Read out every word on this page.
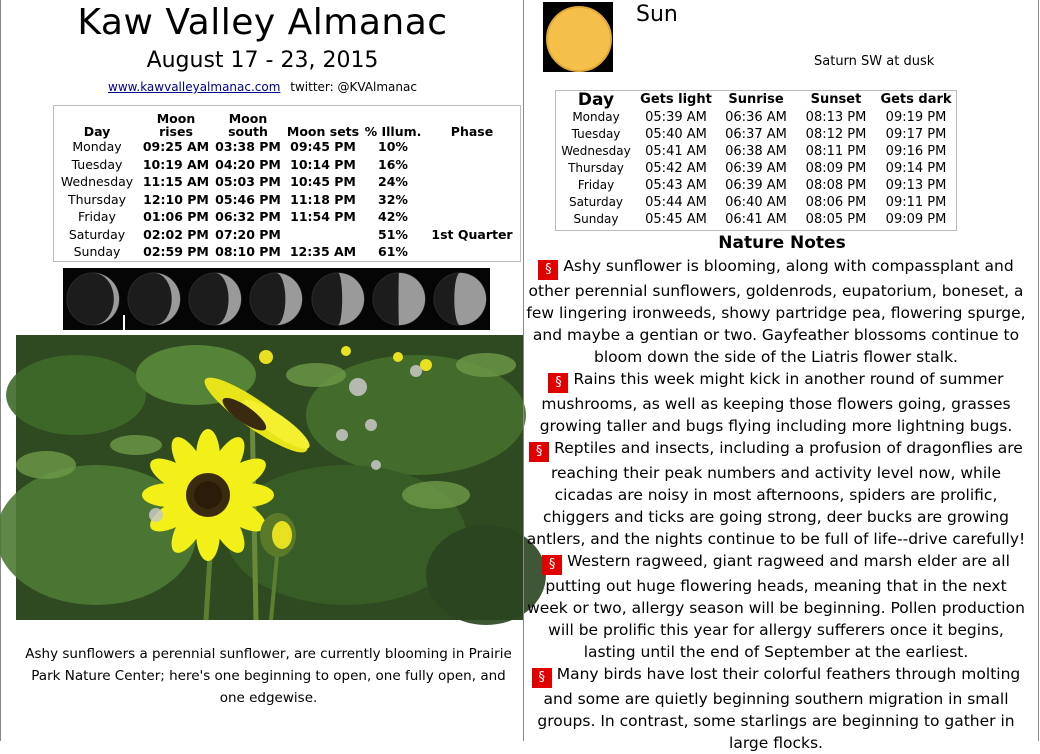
Kaw Valley Almanac
August 17 - 23, 2015
www.kawvalleyalmanac.com twitter: @KVAlmanac
Day	Moon rises	Moon south	Moon sets	% Illum.	Phase
Monday	09:25 AM	03:38 PM	09:45 PM	10%	
Tuesday	10:19 AM	04:20 PM	10:14 PM	16%	
Wednesday	11:15 AM	05:03 PM	10:45 PM	24%	
Thursday	12:10 PM	05:46 PM	11:18 PM	32%	
Friday	01:06 PM	06:32 PM	11:54 PM	42%	
Saturday	02:02 PM	07:20 PM		51%	1st Quarter
Sunday	02:59 PM	08:10 PM	12:35 AM	61%	
Ashy sunflowers a perennial sunflower, are currently blooming in Prairie Park Nature Center; here's one beginning to open, one fully open, and one edgewise.
Sun
Saturn SW at dusk
Day	Gets light	Sunrise	Sunset	Gets dark
Monday	05:39 AM	06:36 AM	08:13 PM	09:19 PM
Tuesday	05:40 AM	06:37 AM	08:12 PM	09:17 PM
Wednesday	05:41 AM	06:38 AM	08:11 PM	09:16 PM
Thursday	05:42 AM	06:39 AM	08:09 PM	09:14 PM
Friday	05:43 AM	06:39 AM	08:08 PM	09:13 PM
Saturday	05:44 AM	06:40 AM	08:06 PM	09:11 PM
Sunday	05:45 AM	06:41 AM	08:05 PM	09:09 PM
Nature Notes

§ Ashy sunflower is blooming, along with compassplant and other perennial sunflowers, goldenrods, eupatorium, boneset, a few lingering ironweeds, showy partridge pea, flowering spurge, and maybe a gentian or two. Gayfeather blossoms continue to bloom down the side of the Liatris flower stalk.

§ Rains this week might kick in another round of summer mushrooms, as well as keeping those flowers going, grasses growing taller and bugs flying including more lightning bugs.

§ Reptiles and insects, including a profusion of dragonflies are reaching their peak numbers and activity level now, while cicadas are noisy in most afternoons, spiders are prolific, chiggers and ticks are going strong, deer bucks are growing antlers, and the nights continue to be full of life--drive carefully!

§ Western ragweed, giant ragweed and marsh elder are all putting out huge flowering heads, meaning that in the next week or two, allergy season will be beginning. Pollen production will be prolific this year for allergy sufferers once it begins, lasting until the end of September at the earliest.

§ Many birds have lost their colorful feathers through molting and some are quietly beginning southern migration in small groups. In contrast, some starlings are beginning to gather in large flocks.
